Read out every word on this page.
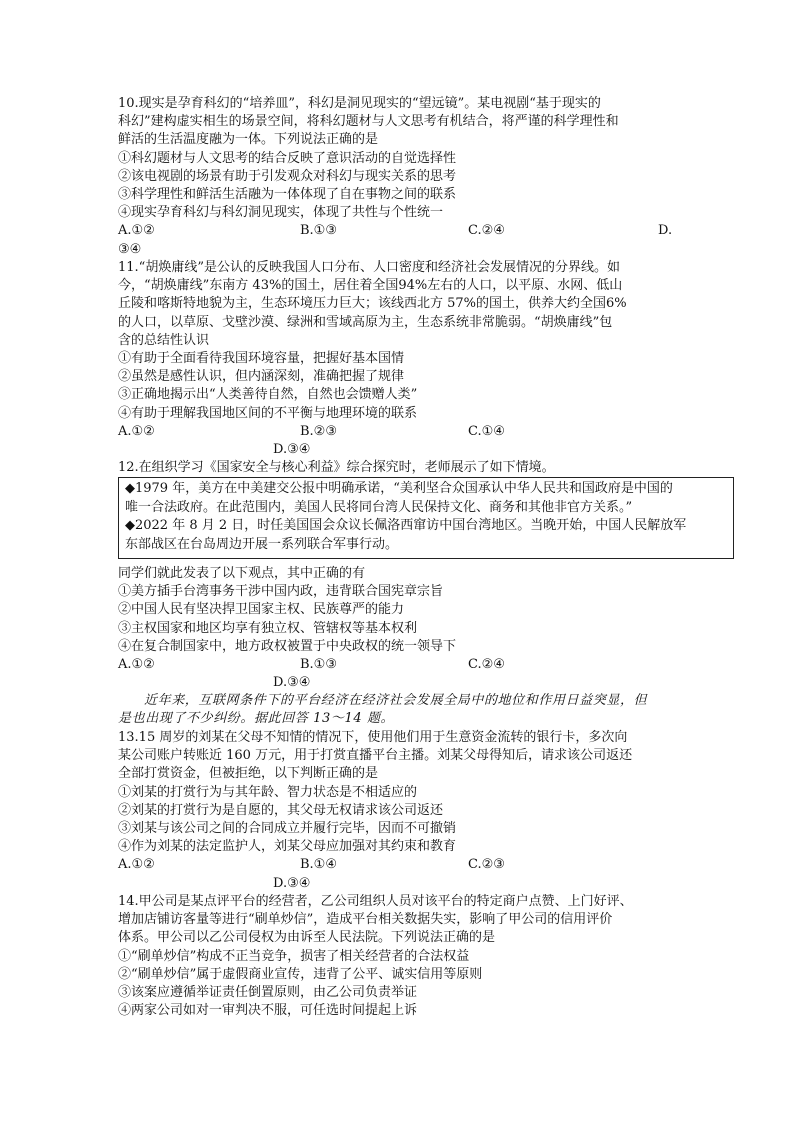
10.现实是孕育科幻的“培养皿”，科幻是洞见现实的“望远镜”。某电视剧“基于现实的

科幻”建构虚实相生的场景空间，将科幻题材与人文思考有机结合，将严谨的科学理性和

鲜活的生活温度融为一体。下列说法正确的是

①科幻题材与人文思考的结合反映了意识活动的自觉选择性

②该电视剧的场景有助于引发观众对科幻与现实关系的思考

③科学理性和鲜活生活融为一体体现了自在事物之间的联系

④现实孕育科幻与科幻洞见现实，体现了共性与个性统一

A.①②	B.①③	C.②④	D.

③④

11.“胡焕庸线”是公认的反映我国人口分布、人口密度和经济社会发展情况的分界线。如

今，“胡焕庸线”东南方 43%的国土，居住着全国94%左右的人口，以平原、水网、低山

丘陵和喀斯特地貌为主，生态环境压力巨大；该线西北方 57%的国土，供养大约全国6%

的人口，以草原、戈壁沙漠、绿洲和雪域高原为主，生态系统非常脆弱。“胡焕庸线”包

含的总结性认识

①有助于全面看待我国环境容量，把握好基本国情

②虽然是感性认识，但内涵深刻，准确把握了规律

③正确地揭示出“人类善待自然，自然也会馈赠人类”

④有助于理解我国地区间的不平衡与地理环境的联系

A.①②	B.②③	C.①④
D.③④

12.在组织学习《国家安全与核心利益》综合探究时，老师展示了如下情境。

◆1979 年，美方在中美建交公报中明确承诺，“美利坚合众国承认中华人民共和国政府是中国的

唯一合法政府。在此范围内，美国人民将同台湾人民保持文化、商务和其他非官方关系。”

◆2022 年 8 月 2 日，时任美国国会众议长佩洛西窜访中国台湾地区。当晚开始，中国人民解放军

东部战区在台岛周边开展一系列联合军事行动。

同学们就此发表了以下观点，其中正确的有

①美方插手台湾事务干涉中国内政，违背联合国宪章宗旨

②中国人民有坚决捍卫国家主权、民族尊严的能力

③主权国家和地区均享有独立权、管辖权等基本权利

④在复合制国家中，地方政权被置于中央政权的统一领导下

A.①②	B.①③	C.②④
D.③④

近年来，互联网条件下的平台经济在经济社会发展全局中的地位和作用日益突显，但

是也出现了不少纠纷。据此回答 13～14 题。

13.15 周岁的刘某在父母不知情的情况下，使用他们用于生意资金流转的银行卡，多次向

某公司账户转账近 160 万元，用于打赏直播平台主播。刘某父母得知后，请求该公司返还

全部打赏资金，但被拒绝，以下判断正确的是

①刘某的打赏行为与其年龄、智力状态是不相适应的

②刘某的打赏行为是自愿的，其父母无权请求该公司返还

③刘某与该公司之间的合同成立并履行完毕，因而不可撤销

④作为刘某的法定监护人，刘某父母应加强对其约束和教育

A.①②	B.①④	C.②③
D.③④

14.甲公司是某点评平台的经营者，乙公司组织人员对该平台的特定商户点赞、上门好评、

增加店铺访客量等进行“刷单炒信”，造成平台相关数据失实，影响了甲公司的信用评价

体系。甲公司以乙公司侵权为由诉至人民法院。下列说法正确的是

①“刷单炒信”构成不正当竞争，损害了相关经营者的合法权益

②“刷单炒信”属于虚假商业宣传，违背了公平、诚实信用等原则

③该案应遵循举证责任倒置原则，由乙公司负责举证

④两家公司如对一审判决不服，可任选时间提起上诉
